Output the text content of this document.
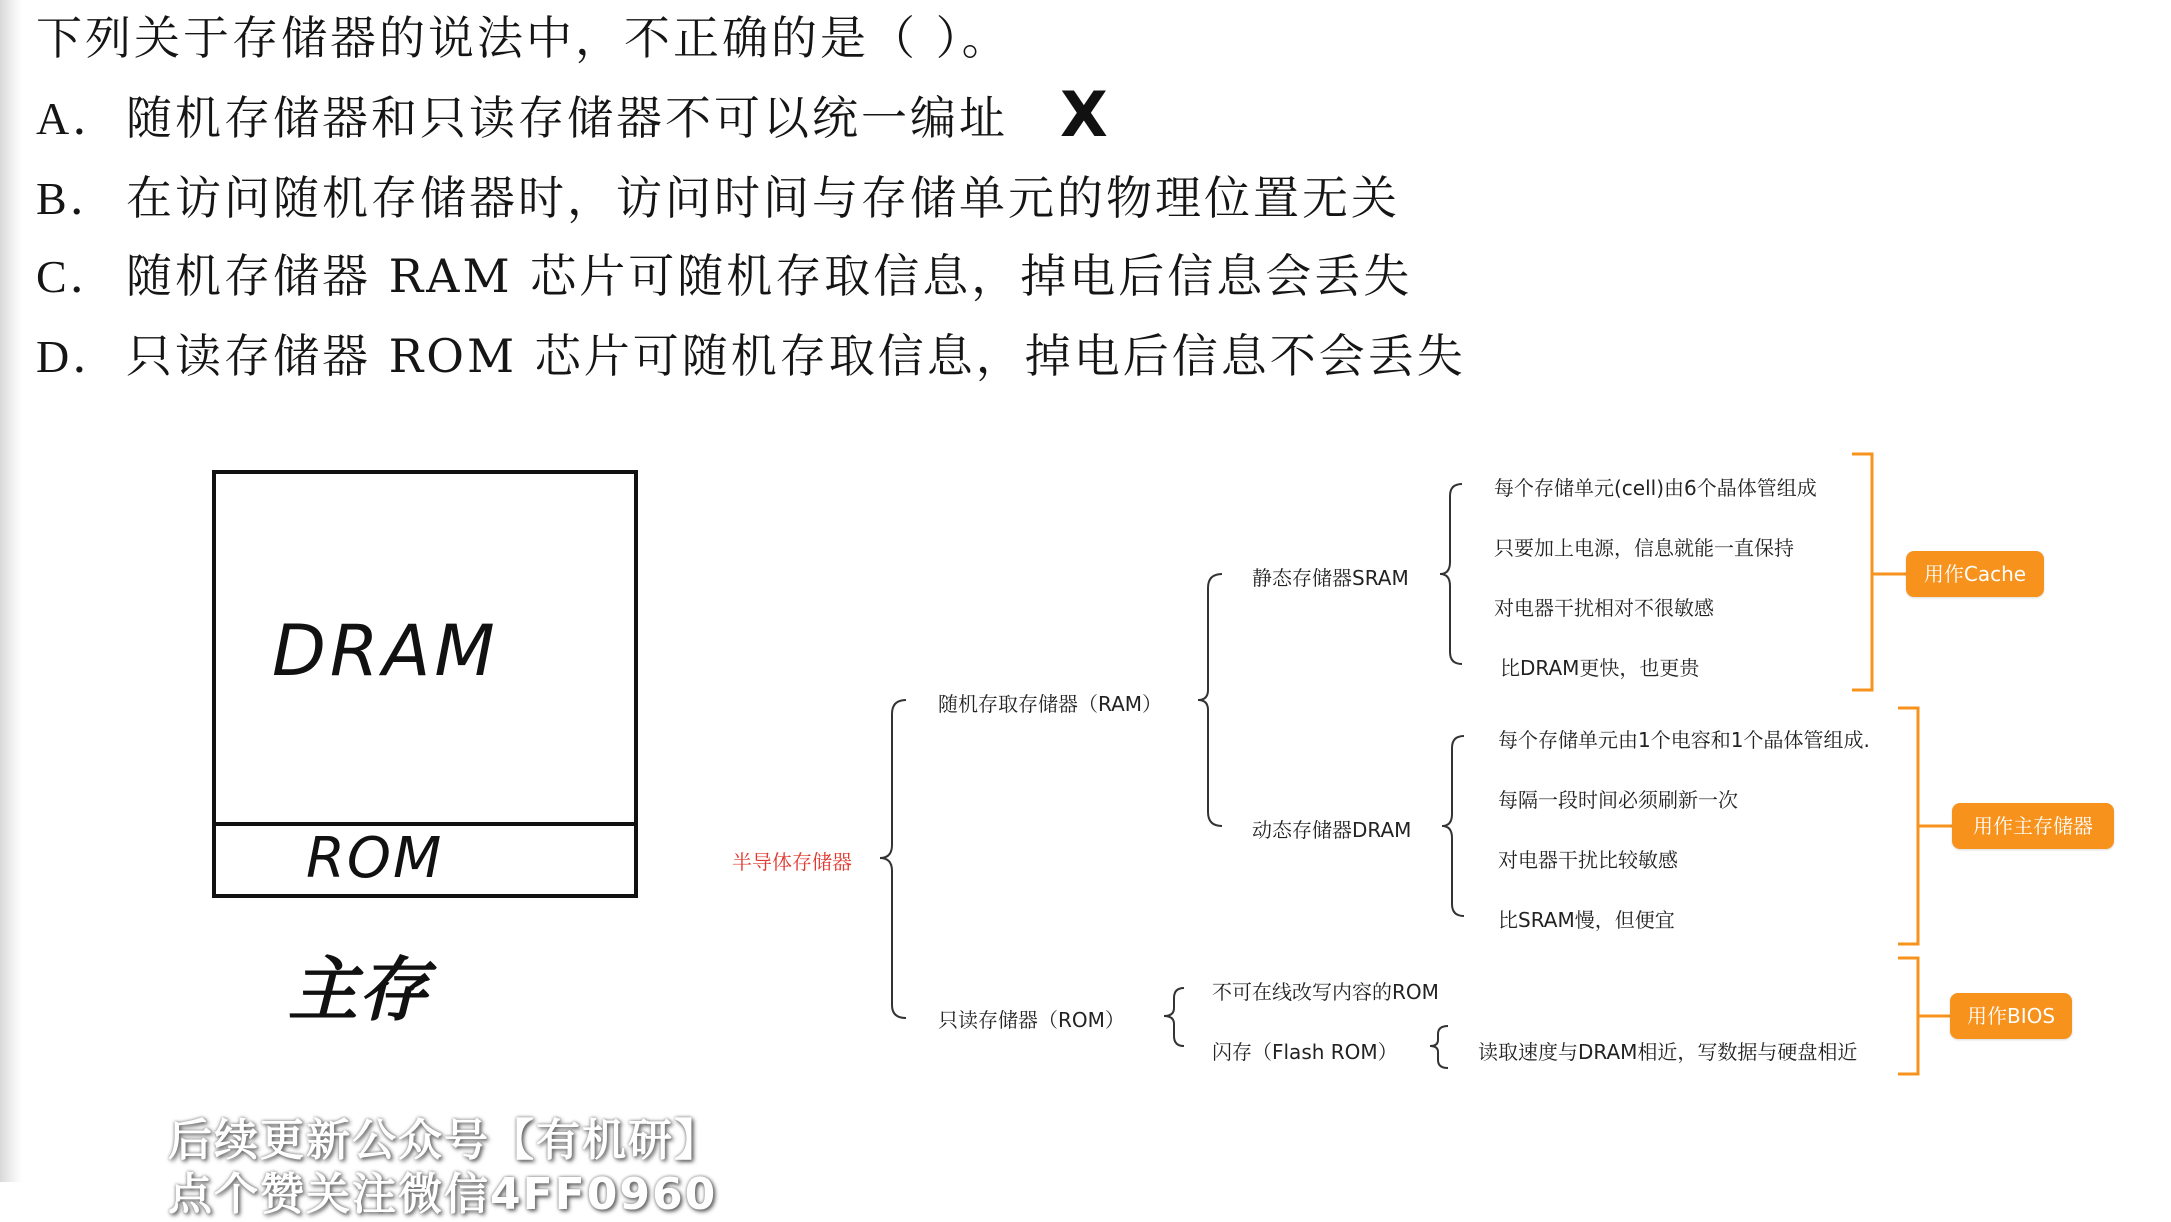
下列关于存储器的说法中，不正确的是（ ）。
A． 随机存储器和只读存储器不可以统一编址 X
B． 在访问随机存储器时，访问时间与存储单元的物理位置无关
C． 随机存储器 RAM 芯片可随机存取信息，掉电后信息会丢失
D． 只读存储器 ROM 芯片可随机存取信息，掉电后信息不会丢失
DRAM
ROM
主存
半导体存储器
随机存取存储器（RAM）
静态存储器SRAM
动态存储器DRAM
只读存储器（ROM）
每个存储单元(cell)由6个晶体管组成
只要加上电源，信息就能一直保持
对电器干扰相对不很敏感
比DRAM更快，也更贵
每个存储单元由1个电容和1个晶体管组成.
每隔一段时间必须刷新一次
对电器干扰比较敏感
比SRAM慢，但便宜
不可在线改写内容的ROM
闪存（Flash ROM）	读取速度与DRAM相近，写数据与硬盘相近
用作Cache
用作主存储器
用作BIOS
后续更新公众号【有机研】
点个赞关注微信4FF0960
